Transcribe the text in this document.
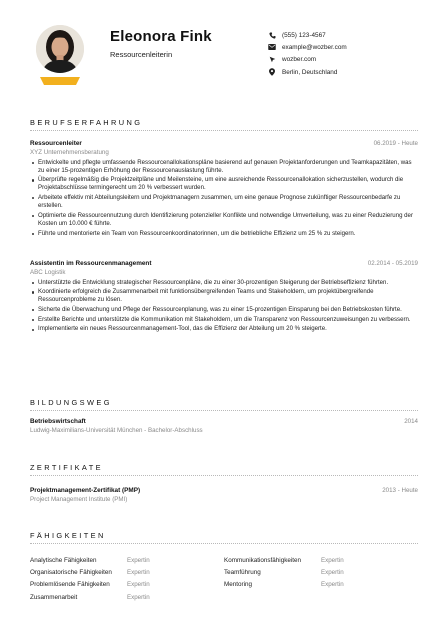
Eleonora Fink
Ressourcenleiterin
(555) 123-4567
example@wozber.com
wozber.com
Berlin, Deutschland
BERUFSERFAHRUNG
Ressourcenleiter	06.2019 - Heute
XYZ Unternehmensberatung
Entwickelte und pflegte umfassende Ressourcenallokationspläne basierend auf genauen Projektanforderungen und Teamkapazitäten, was zu einer 15-prozentigen Erhöhung der Ressourcenauslastung führte.
Überprüfte regelmäßig die Projektzeitpläne und Meilensteine, um eine ausreichende Ressourcenallokation sicherzustellen, wodurch die Projektabschlüsse termingerecht um 20 % verbessert wurden.
Arbeitete effektiv mit Abteilungsleitern und Projektmanagern zusammen, um eine genaue Prognose zukünftiger Ressourcenbedarfe zu erstellen.
Optimierte die Ressourcennutzung durch Identifizierung potenzieller Konflikte und notwendige Umverteilung, was zu einer Reduzierung der Kosten um 10.000 € führte.
Führte und mentorierte ein Team von Ressourcenkoordinatorinnen, um die betriebliche Effizienz um 25 % zu steigern.
Assistentin im Ressourcenmanagement	02.2014 - 05.2019
ABC Logistik
Unterstützte die Entwicklung strategischer Ressourcenpläne, die zu einer 30-prozentigen Steigerung der Betriebseffizienz führten.
Koordinierte erfolgreich die Zusammenarbeit mit funktionsübergreifenden Teams und Stakeholdern, um projektübergreifende Ressourcenprobleme zu lösen.
Sicherte die Überwachung und Pflege der Ressourcenplanung, was zu einer 15-prozentigen Einsparung bei den Betriebskosten führte.
Erstellte Berichte und unterstützte die Kommunikation mit Stakeholdern, um die Transparenz von Ressourcenzuweisungen zu verbessern.
Implementierte ein neues Ressourcenmanagement-Tool, das die Effizienz der Abteilung um 20 % steigerte.
BILDUNGSWEG
Betriebswirtschaft	2014
Ludwig-Maximilians-Universität München - Bachelor-Abschluss
ZERTIFIKATE
Projektmanagement-Zertifikat (PMP)	2013 - Heute
Project Management Institute (PMI)
FÄHIGKEITEN
Analytische Fähigkeiten	Expertin	Kommunikationsfähigkeiten	Expertin
Organisatorische Fähigkeiten	Expertin	Teamführung	Expertin
Problemlösende Fähigkeiten	Expertin	Mentoring	Expertin
Zusammenarbeit	Expertin
